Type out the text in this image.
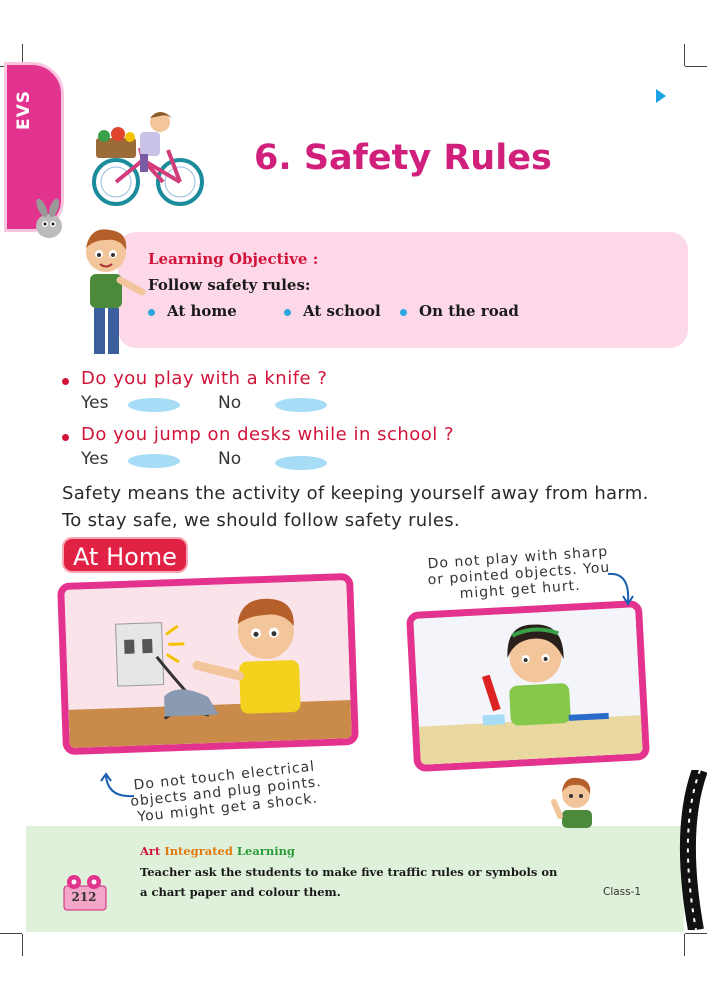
EVS
6. Safety Rules
Learning Objective :
Follow safety rules:
At home	At school	On the road
Do you play with a knife ?
Yes	No
Do you jump on desks while in school ?
Yes	No
Safety means the activity of keeping yourself away from harm. To stay safe, we should follow safety rules.
At Home
Do not touch electrical objects and plug points. You might get a shock.
Do not play with sharp or pointed objects. You might get hurt.
Art Integrated Learning
Teacher ask the students to make five traffic rules or symbols on a chart paper and colour them.	Class-1
212
